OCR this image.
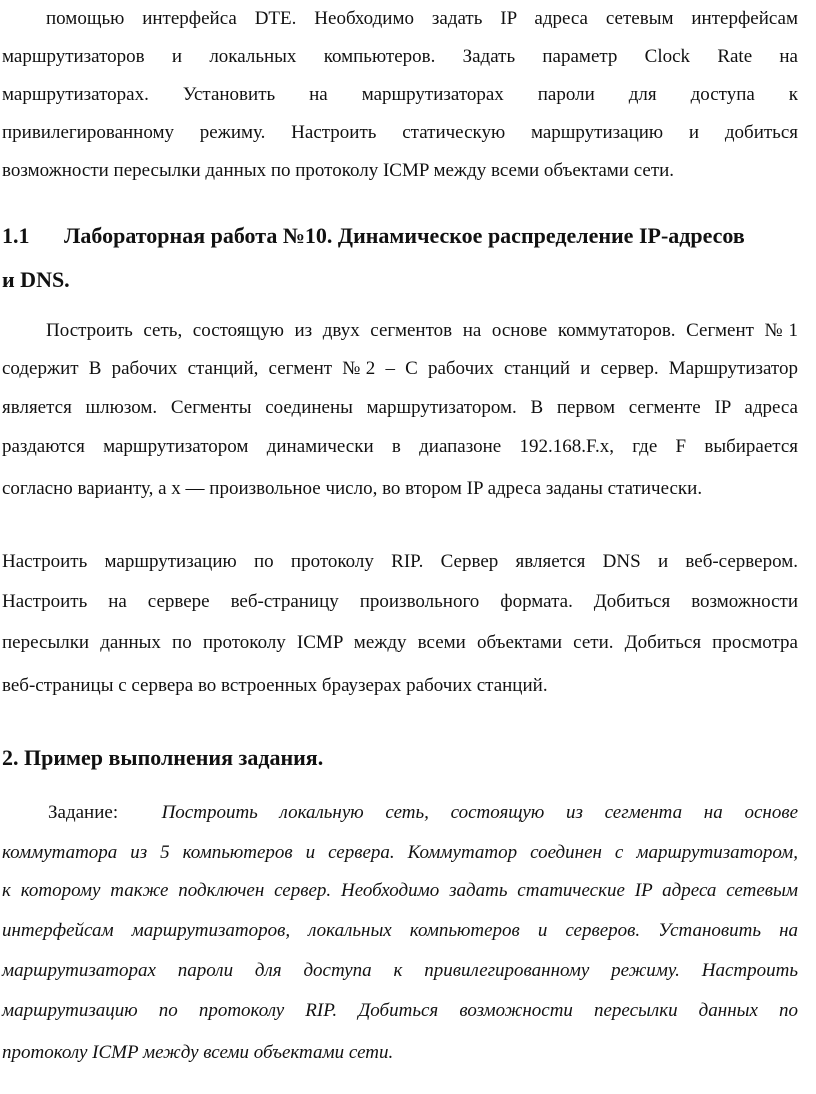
помощью интерфейса DTE. Необходимо задать IP адреса сетевым интерфейсам
маршрутизаторов и локальных компьютеров. Задать параметр Clock Rate на
маршрутизаторах. Установить на маршрутизаторах пароли для доступа к
привилегированному режиму. Настроить статическую маршрутизацию и добиться
возможности пересылки данных по протоколу ICMP между всеми объектами сети.
1.1 Лабораторная работа №10. Динамическое распределение IP-адресов
и DNS.
Построить сеть, состоящую из двух сегментов на основе коммутаторов. Сегмент №1
содержит B рабочих станций, сегмент №2 – C рабочих станций и сервер. Маршрутизатор
является шлюзом. Сегменты соединены маршрутизатором. В первом сегменте IP адреса
раздаются маршрутизатором динамически в диапазоне 192.168.F.x, где F выбирается
согласно варианту, а x — произвольное число, во втором IP адреса заданы статически.
Настроить маршрутизацию по протоколу RIP. Сервер является DNS и веб-сервером.
Настроить на сервере веб-страницу произвольного формата. Добиться возможности
пересылки данных по протоколу ICMP между всеми объектами сети. Добиться просмотра
веб-страницы с сервера во встроенных браузерах рабочих станций.
2. Пример выполнения задания.
Задание: Построить локальную сеть, состоящую из сегмента на основе
коммутатора из 5 компьютеров и сервера. Коммутатор соединен с маршрутизатором,
к которому также подключен сервер. Необходимо задать статические IP адреса сетевым
интерфейсам маршрутизаторов, локальных компьютеров и серверов. Установить на
маршрутизаторах пароли для доступа к привилегированному режиму. Настроить
маршрутизацию по протоколу RIP. Добиться возможности пересылки данных по
протоколу ICMP между всеми объектами сети.
